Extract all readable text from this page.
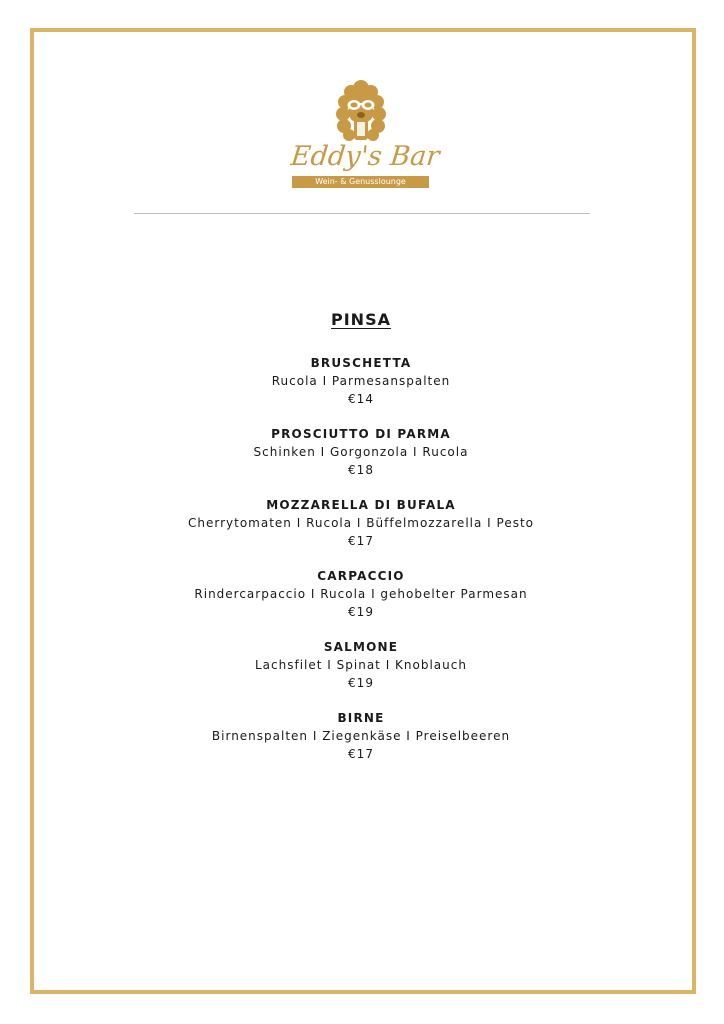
Eddy's Bar
Wein- & Genusslounge
PINSA
BRUSCHETTA
Rucola I Parmesanspalten
€14
PROSCIUTTO DI PARMA
Schinken I Gorgonzola I Rucola
€18
MOZZARELLA DI BUFALA
Cherrytomaten I Rucola I Büffelmozzarella I Pesto
€17
CARPACCIO
Rindercarpaccio I Rucola I gehobelter Parmesan
€19
SALMONE
Lachsfilet I Spinat I Knoblauch
€19
BIRNE
Birnenspalten I Ziegenkäse I Preiselbeeren
€17
